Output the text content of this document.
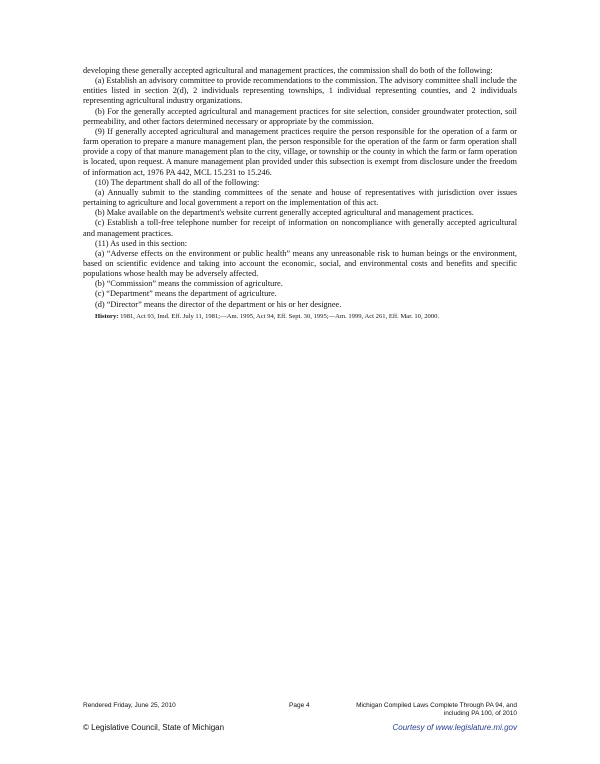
developing these generally accepted agricultural and management practices, the commission shall do both of the following:

(a) Establish an advisory committee to provide recommendations to the commission. The advisory committee shall include the entities listed in section 2(d), 2 individuals representing townships, 1 individual representing counties, and 2 individuals representing agricultural industry organizations.

(b) For the generally accepted agricultural and management practices for site selection, consider groundwater protection, soil permeability, and other factors determined necessary or appropriate by the commission.

(9) If generally accepted agricultural and management practices require the person responsible for the operation of a farm or farm operation to prepare a manure management plan, the person responsible for the operation of the farm or farm operation shall provide a copy of that manure management plan to the city, village, or township or the county in which the farm or farm operation is located, upon request. A manure management plan provided under this subsection is exempt from disclosure under the freedom of information act, 1976 PA 442, MCL 15.231 to 15.246.

(10) The department shall do all of the following:

(a) Annually submit to the standing committees of the senate and house of representatives with jurisdiction over issues pertaining to agriculture and local government a report on the implementation of this act.

(b) Make available on the department's website current generally accepted agricultural and management practices.

(c) Establish a toll-free telephone number for receipt of information on noncompliance with generally accepted agricultural and management practices.

(11) As used in this section:

(a) “Adverse effects on the environment or public health” means any unreasonable risk to human beings or the environment, based on scientific evidence and taking into account the economic, social, and environmental costs and benefits and specific populations whose health may be adversely affected.

(b) “Commission” means the commission of agriculture.

(c) “Department” means the department of agriculture.

(d) “Director” means the director of the department or his or her designee.

History: 1981, Act 93, Imd. Eff. July 11, 1981;—Am. 1995, Act 94, Eff. Sept. 30, 1995;—Am. 1999, Act 261, Eff. Mar. 10, 2000.

Rendered Friday, June 25, 2010	Page 4	Michigan Compiled Laws Complete Through PA 94, and
including PA 100, of 2010
© Legislative Council, State of Michigan	Courtesy of www.legislature.mi.gov
